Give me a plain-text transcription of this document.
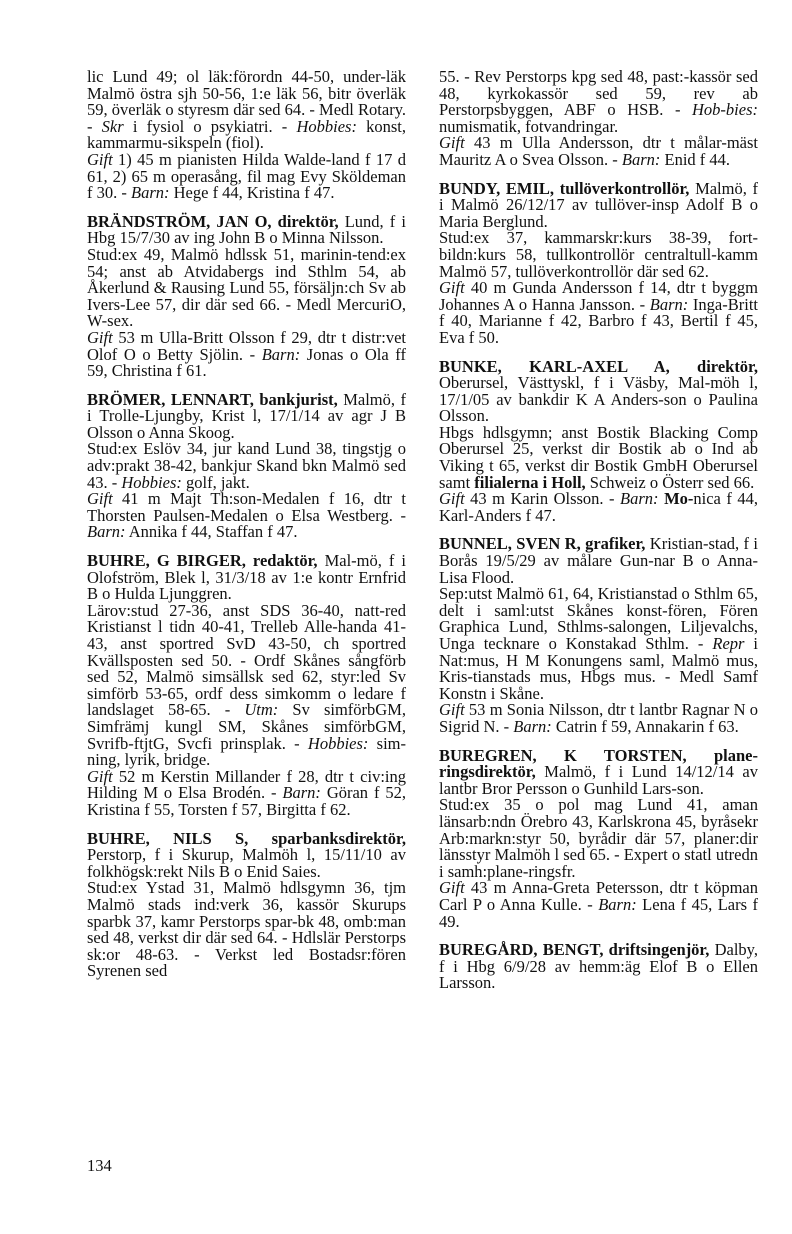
lic Lund 49; ol läk:förordn 44-50, under-läk Malmö östra sjh 50-56, 1:e läk 56, bitr överläk 59, överläk o styresm där sed 64. - Medl Rotary. - Skr i fysiol o psykiatri. - Hobbies: konst, kammarmu-sikspeln (fiol).
Gift 1) 45 m pianisten Hilda Walde-land f 17 d 61, 2) 65 m operasång, fil mag Evy Sköldeman f 30. - Barn: Hege f 44, Kristina f 47.

BRÄNDSTRÖM, JAN O, direktör, Lund, f i Hbg 15/7/30 av ing John B o Minna Nilsson.
Stud:ex 49, Malmö hdlssk 51, marinin-tend:ex 54; anst ab Atvidabergs ind Sthlm 54, ab Åkerlund & Rausing Lund 55, försäljn:ch Sv ab Ivers-Lee 57, dir där sed 66. - Medl MercuriO, W-sex.
Gift 53 m Ulla-Britt Olsson f 29, dtr t distr:vet Olof O o Betty Sjölin. - Barn: Jonas o Ola ff 59, Christina f 61.

BRÖMER, LENNART, bankjurist, Malmö, f i Trolle-Ljungby, Krist l, 17/1/14 av agr J B Olsson o Anna Skoog.
Stud:ex Eslöv 34, jur kand Lund 38, tingstjg o adv:prakt 38-42, bankjur Skand bkn Malmö sed 43. - Hobbies: golf, jakt.
Gift 41 m Majt Th:son-Medalen f 16, dtr t Thorsten Paulsen-Medalen o Elsa Westberg. - Barn: Annika f 44, Staffan f 47.

BUHRE, G BIRGER, redaktör, Mal-mö, f i Olofström, Blek l, 31/3/18 av 1:e kontr Ernfrid B o Hulda Ljunggren.
Lärov:stud 27-36, anst SDS 36-40, natt-red Kristianst l tidn 40-41, Trelleb Alle-handa 41-43, anst sportred SvD 43-50, ch sportred Kvällsposten sed 50. - Ordf Skånes sångförb sed 52, Malmö simsällsk sed 62, styr:led Sv simförb 53-65, ordf dess simkomm o ledare f landslaget 58-65. - Utm: Sv simförbGM, Simfrämj kungl SM, Skånes simförbGM, Svrifb-ftjtG, Svcfi prinsplak. - Hobbies: sim-ning, lyrik, bridge.
Gift 52 m Kerstin Millander f 28, dtr t civ:ing Hilding M o Elsa Brodén. - Barn: Göran f 52, Kristina f 55, Torsten f 57, Birgitta f 62.

BUHRE, NILS S, sparbanksdirektör, Perstorp, f i Skurup, Malmöh l, 15/11/10 av folkhögsk:rekt Nils B o Enid Saies.
Stud:ex Ystad 31, Malmö hdlsgymn 36, tjm Malmö stads ind:verk 36, kassör Skurups sparbk 37, kamr Perstorps spar-bk 48, omb:man sed 48, verkst dir där sed 64. - Hdlslär Perstorps sk:or 48-63. - Verkst led Bostadsr:fören Syrenen sed

55. - Rev Perstorps kpg sed 48, past:-kassör sed 48, kyrkokassör sed 59, rev ab Perstorpsbyggen, ABF o HSB. - Hob-bies: numismatik, fotvandringar.
Gift 43 m Ulla Andersson, dtr t målar-mäst Mauritz A o Svea Olsson. - Barn: Enid f 44.

BUNDY, EMIL, tullöverkontrollör, Malmö, f i Malmö 26/12/17 av tullöver-insp Adolf B o Maria Berglund.
Stud:ex 37, kammarskr:kurs 38-39, fort-bildn:kurs 58, tullkontrollör centraltull-kamm Malmö 57, tullöverkontrollör där sed 62.
Gift 40 m Gunda Andersson f 14, dtr t byggm Johannes A o Hanna Jansson. - Barn: Inga-Britt f 40, Marianne f 42, Barbro f 43, Bertil f 45, Eva f 50.

BUNKE, KARL-AXEL A, direktör, Oberursel, Västtyskl, f i Väsby, Mal-möh l, 17/1/05 av bankdir K A Anders-son o Paulina Olsson.
Hbgs hdlsgymn; anst Bostik Blacking Comp Oberursel 25, verkst dir Bostik ab o Ind ab Viking t 65, verkst dir Bostik GmbH Oberursel samt filialerna i Holl, Schweiz o Österr sed 66.
Gift 43 m Karin Olsson. - Barn: Mo-nica f 44, Karl-Anders f 47.

BUNNEL, SVEN R, grafiker, Kristian-stad, f i Borås 19/5/29 av målare Gun-nar B o Anna-Lisa Flood.
Sep:utst Malmö 61, 64, Kristianstad o Sthlm 65, delt i saml:utst Skånes konst-fören, Fören Graphica Lund, Sthlms-salongen, Liljevalchs, Unga tecknare o Konstakad Sthlm. - Repr i Nat:mus, H M Konungens saml, Malmö mus, Kris-tianstads mus, Hbgs mus. - Medl Samf Konstn i Skåne.
Gift 53 m Sonia Nilsson, dtr t lantbr Ragnar N o Sigrid N. - Barn: Catrin f 59, Annakarin f 63.

BUREGREN, K TORSTEN, plane-ringsdirektör, Malmö, f i Lund 14/12/14 av lantbr Bror Persson o Gunhild Lars-son.
Stud:ex 35 o pol mag Lund 41, aman länsarb:ndn Örebro 43, Karlskrona 45, byråsekr Arb:markn:styr 50, byrådir där 57, planer:dir länsstyr Malmöh l sed 65. - Expert o statl utredn i samh:plane-ringsfr.
Gift 43 m Anna-Greta Petersson, dtr t köpman Carl P o Anna Kulle. - Barn: Lena f 45, Lars f 49.

BUREGÅRD, BENGT, driftsingenjör, Dalby, f i Hbg 6/9/28 av hemm:äg Elof B o Ellen Larsson.

134
